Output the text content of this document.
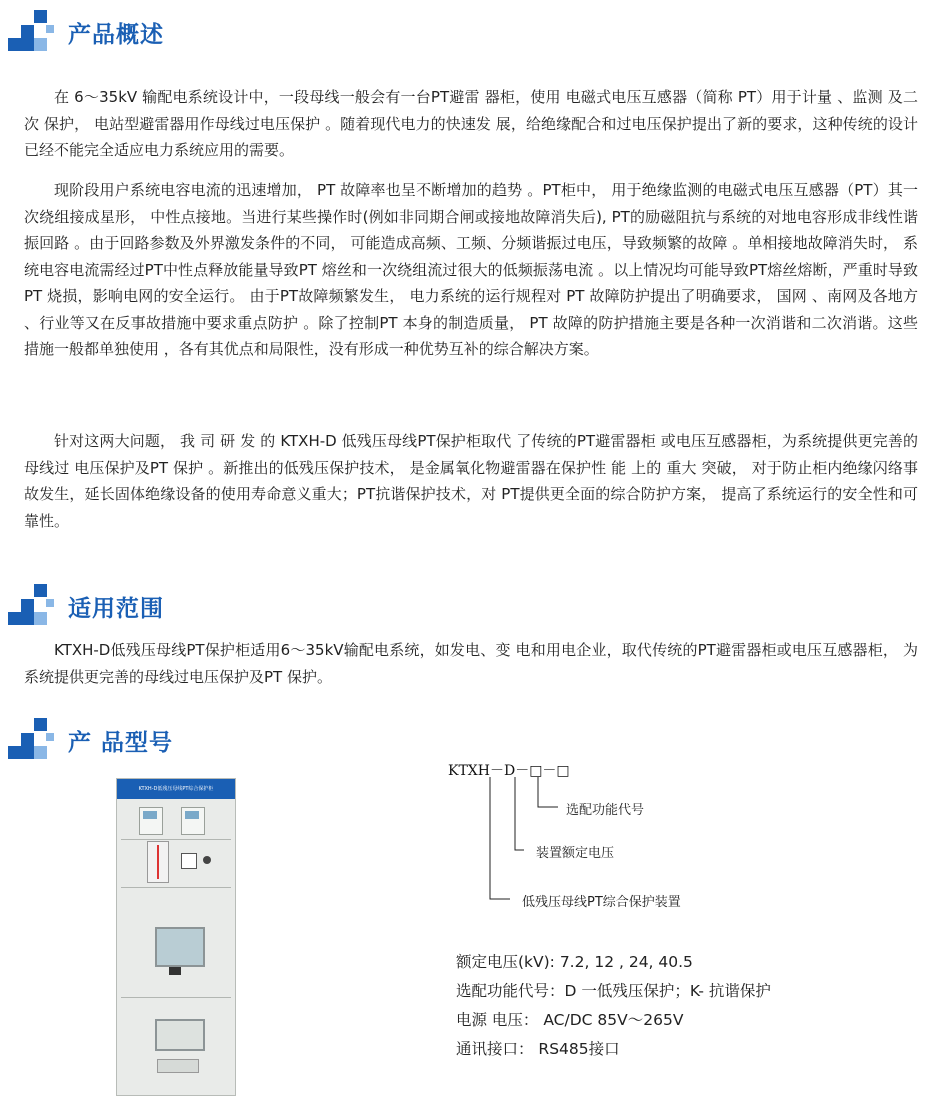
产品概述

在 6～35kV 输配电系统设计中，一段母线一般会有一台PT避雷 器柜，使用 电磁式电压互感器（简称 PT）用于计量 、监测 及二次 保护， 电站型避雷器用作母线过电压保护 。随着现代电力的快速发 展，给绝缘配合和过电压保护提出了新的要求，这种传统的设计已经不能完全适应电力系统应用的需要。

现阶段用户系统电容电流的迅速增加， PT 故障率也呈不断增加的趋势 。PT柜中， 用于绝缘监测的电磁式电压互感器（PT）其一次绕组接成星形， 中性点接地。当进行某些操作时(例如非同期合闸或接地故障消失后), PT的励磁阻抗与系统的对地电容形成非线性谐振回路 。由于回路参数及外界激发条件的不同， 可能造成高频、工频、分频谐振过电压，导致频繁的故障 。单相接地故障消失时， 系统电容电流需经过PT中性点释放能量导致PT 熔丝和一次绕组流过很大的低频振荡电流 。以上情况均可能导致PT熔丝熔断，严重时导致 PT 烧损，影响电网的安全运行。 由于PT故障频繁发生， 电力系统的运行规程对 PT 故障防护提出了明确要求， 国网 、南网及各地方 、行业等又在反事故措施中要求重点防护 。除了控制PT 本身的制造质量， PT 故障的防护措施主要是各种一次消谐和二次消谐。这些措施一般都单独使用 ，各有其优点和局限性，没有形成一种优势互补的综合解决方案。

针对这两大问题， 我 司 研 发 的 KTXH-D 低残压母线PT保护柜取代 了传统的PT避雷器柜 或电压互感器柜，为系统提供更完善的母线过 电压保护及PT 保护 。新推出的低残压保护技术， 是金属氧化物避雷器在保护性 能 上的 重大 突破， 对于防止柜内绝缘闪络事故发生，延长固体绝缘设备的使用寿命意义重大；PT抗谐保护技术，对 PT提供更全面的综合防护方案， 提高了系统运行的安全性和可靠性。

适用范围

KTXH-D低残压母线PT保护柜适用6～35kV输配电系统，如发电、变 电和用电企业，取代传统的PT避雷器柜或电压互感器柜， 为系统提供更完善的母线过电压保护及PT 保护。

产 品型号
KTXH-D低残压母线PT综合保护柜
KTXH－D－□－□
选配功能代号
装置额定电压
低残压母线PT综合保护装置
额定电压(kV): 7.2, 12 , 24, 40.5
选配功能代号：D 一低残压保护；K- 抗谐保护
电源 电压： AC/DC 85V～265V
通讯接口： RS485接口
